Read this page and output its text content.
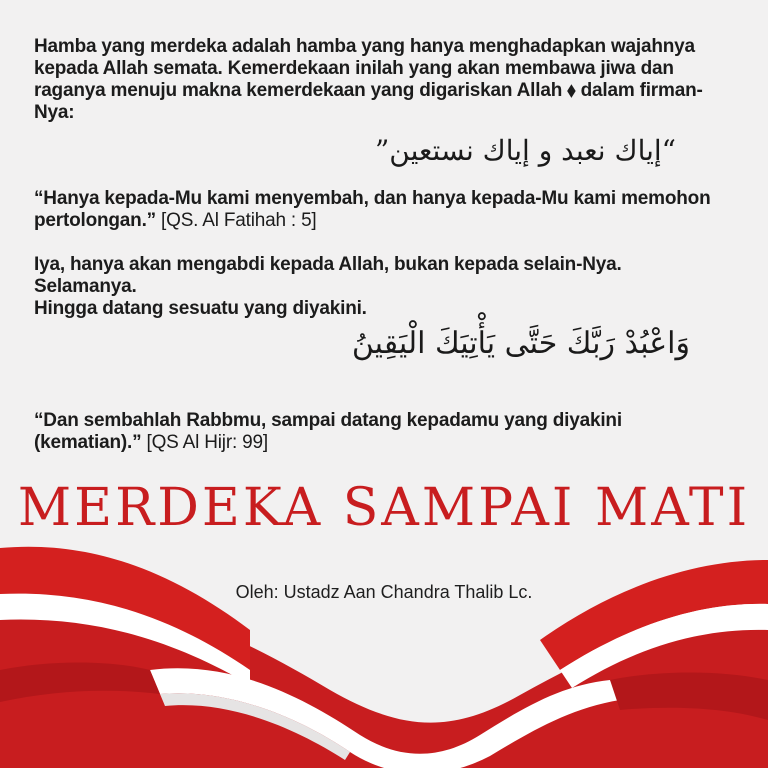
Hamba yang merdeka adalah hamba yang hanya menghadapkan wajahnya kepada Allah semata. Kemerdekaan inilah yang akan membawa jiwa dan raganya menuju makna kemerdekaan yang digariskan Allah ⬧ dalam firman-Nya:
“إياك نعبد و إياك نستعين”
“Hanya kepada-Mu kami menyembah, dan hanya kepada-Mu kami memohon pertolongan.” [QS. Al Fatihah : 5]
Iya, hanya akan mengabdi kepada Allah, bukan kepada selain-Nya.
Selamanya.
Hingga datang sesuatu yang diyakini.
وَاعْبُدْ رَبَّكَ حَتَّى يَأْتِيَكَ الْيَقِينُ
“Dan sembahlah Rabbmu, sampai datang kepadamu yang diyakini (kematian).” [QS Al Hijr: 99]
MERDEKA SAMPAI MATI
Oleh: Ustadz Aan Chandra Thalib Lc.
